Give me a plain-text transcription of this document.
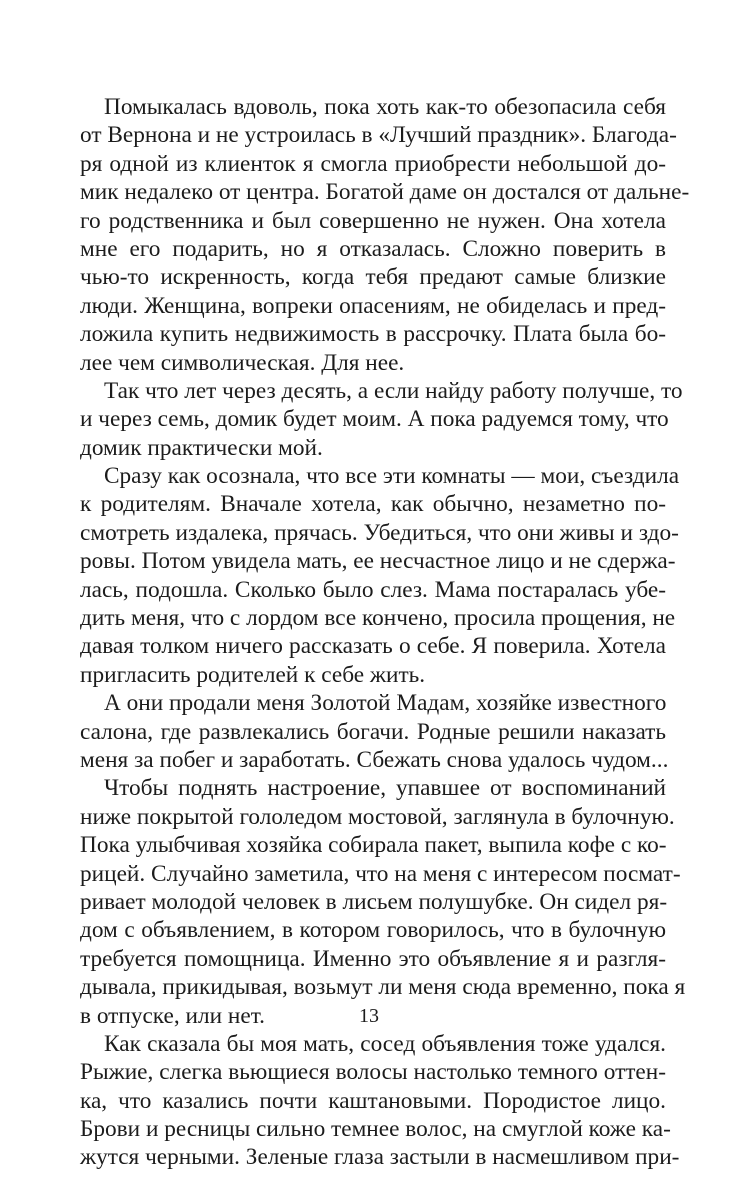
Помыкалась вдоволь, пока хоть как-то обезопасила себя
от Вернона и не устроилась в «Лучший праздник». Благода-
ря одной из клиенток я смогла приобрести небольшой до-
мик недалеко от центра. Богатой даме он достался от дальне-
го родственника и был совершенно не нужен. Она хотела
мне его подарить, но я отказалась. Сложно поверить в
чью-то искренность, когда тебя предают самые близкие
люди. Женщина, вопреки опасениям, не обиделась и пред-
ложила купить недвижимость в рассрочку. Плата была бо-
лее чем символическая. Для нее.
Так что лет через десять, а если найду работу получше, то
и через семь, домик будет моим. А пока радуемся тому, что
домик практически мой.
Сразу как осознала, что все эти комнаты — мои, съездила
к родителям. Вначале хотела, как обычно, незаметно по-
смотреть издалека, прячась. Убедиться, что они живы и здо-
ровы. Потом увидела мать, ее несчастное лицо и не сдержа-
лась, подошла. Сколько было слез. Мама постаралась убе-
дить меня, что с лордом все кончено, просила прощения, не
давая толком ничего рассказать о себе. Я поверила. Хотела
пригласить родителей к себе жить.
А они продали меня Золотой Мадам, хозяйке известного
салона, где развлекались богачи. Родные решили наказать
меня за побег и заработать. Сбежать снова удалось чудом...
Чтобы поднять настроение, упавшее от воспоминаний
ниже покрытой гололедом мостовой, заглянула в булочную.
Пока улыбчивая хозяйка собирала пакет, выпила кофе с ко-
рицей. Случайно заметила, что на меня с интересом посмат-
ривает молодой человек в лисьем полушубке. Он сидел ря-
дом с объявлением, в котором говорилось, что в булочную
требуется помощница. Именно это объявление я и разгля-
дывала, прикидывая, возьмут ли меня сюда временно, пока я
в отпуске, или нет.
Как сказала бы моя мать, сосед объявления тоже удался.
Рыжие, слегка вьющиеся волосы настолько темного оттен-
ка, что казались почти каштановыми. Породистое лицо.
Брови и ресницы сильно темнее волос, на смуглой коже ка-
жутся черными. Зеленые глаза застыли в насмешливом при-
13
